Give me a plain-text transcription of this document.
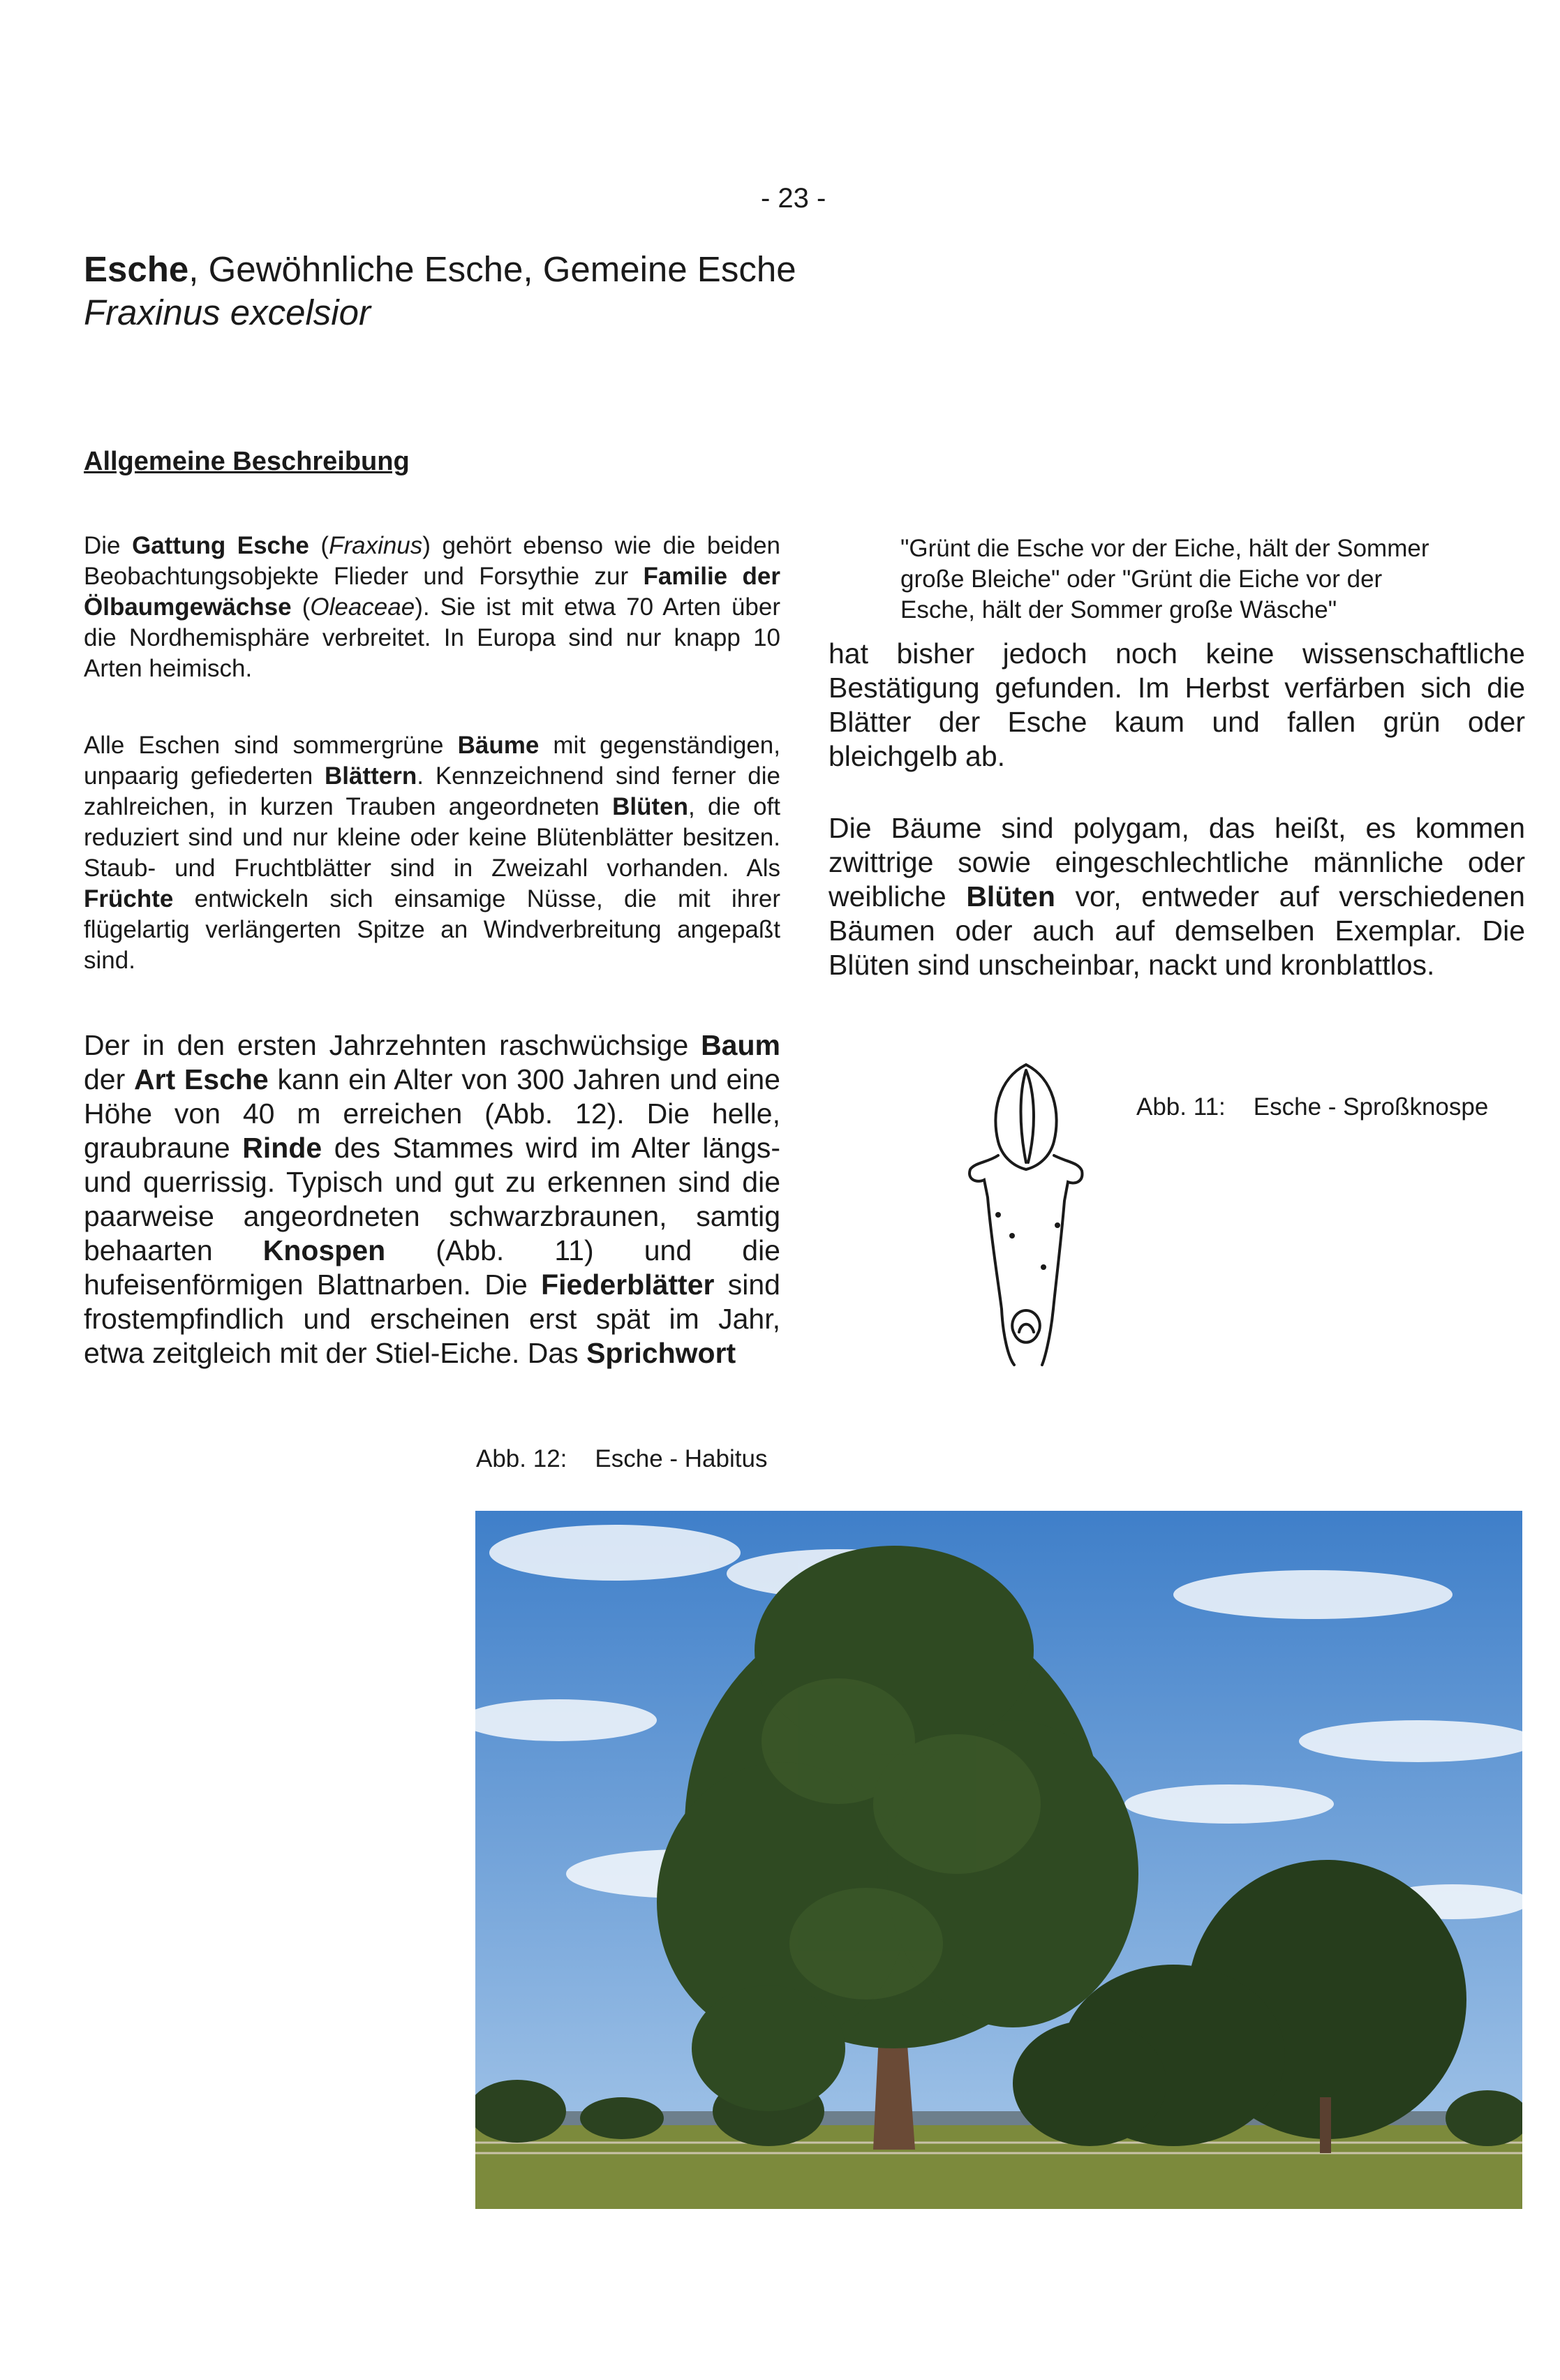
- 23 -
Esche, Gewöhnliche Esche, Gemeine Esche
Fraxinus excelsior
Allgemeine Beschreibung
Die Gattung Esche (Fraxinus) gehört ebenso wie die beiden Beobachtungsobjekte Flieder und Forsythie zur Familie der Ölbaumgewächse (Oleaceae). Sie ist mit etwa 70 Arten über die Nordhemisphäre verbreitet. In Europa sind nur knapp 10 Arten heimisch.
Alle Eschen sind sommergrüne Bäume mit gegenständigen, unpaarig gefiederten Blättern. Kennzeichnend sind ferner die zahlreichen, in kurzen Trauben angeordneten Blüten, die oft reduziert sind und nur kleine oder keine Blütenblätter besitzen. Staub- und Fruchtblätter sind in Zweizahl vorhanden. Als Früchte entwickeln sich einsamige Nüsse, die mit ihrer flügelartig verlängerten Spitze an Windverbreitung angepaßt sind.
Der in den ersten Jahrzehnten raschwüchsige Baum der Art Esche kann ein Alter von 300 Jahren und eine Höhe von 40 m erreichen (Abb. 12). Die helle, graubraune Rinde des Stammes wird im Alter längs- und querrissig. Typisch und gut zu erkennen sind die paarweise angeordneten schwarzbraunen, samtig behaarten Knospen (Abb. 11) und die hufeisenförmigen Blattnarben. Die Fiederblätter sind frostempfindlich und erscheinen erst spät im Jahr, etwa zeitgleich mit der Stiel-Eiche. Das Sprichwort
"Grünt die Esche vor der Eiche, hält der Sommer große Bleiche" oder "Grünt die Eiche vor der Esche, hält der Sommer große Wäsche"
hat bisher jedoch noch keine wissenschaftliche Bestätigung gefunden. Im Herbst verfärben sich die Blätter der Esche kaum und fallen grün oder bleichgelb ab.
Die Bäume sind polygam, das heißt, es kommen zwittrige sowie eingeschlechtliche männliche oder weibliche Blüten vor, entweder auf verschiedenen Bäumen oder auch auf demselben Exemplar. Die Blüten sind unscheinbar, nackt und kronblattlos.
Abb. 11: Esche - Sproßknospe
Abb. 12: Esche - Habitus
